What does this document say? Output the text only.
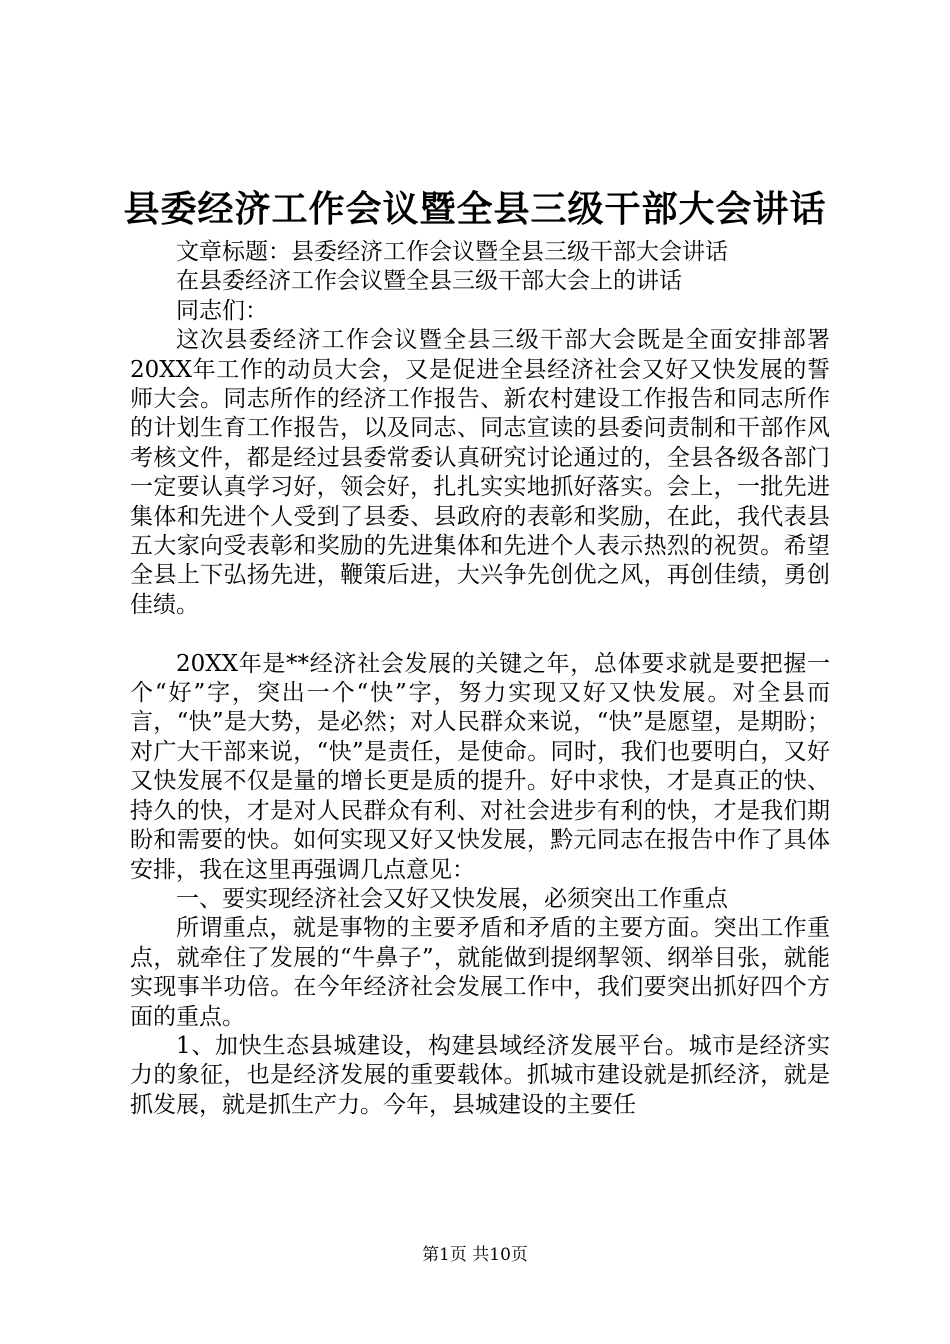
县委经济工作会议暨全县三级干部大会讲话

文章标题：县委经济工作会议暨全县三级干部大会讲话

在县委经济工作会议暨全县三级干部大会上的讲话

同志们：

这次县委经济工作会议暨全县三级干部大会既是全面安排部署20XX年工作的动员大会，又是促进全县经济社会又好又快发展的誓师大会。同志所作的经济工作报告、新农村建设工作报告和同志所作的计划生育工作报告，以及同志、同志宣读的县委问责制和干部作风考核文件，都是经过县委常委认真研究讨论通过的，全县各级各部门一定要认真学习好，领会好，扎扎实实地抓好落实。会上，一批先进集体和先进个人受到了县委、县政府的表彰和奖励，在此，我代表县五大家向受表彰和奖励的先进集体和先进个人表示热烈的祝贺。希望全县上下弘扬先进，鞭策后进，大兴争先创优之风，再创佳绩，勇创佳绩。

20XX年是**经济社会发展的关键之年，总体要求就是要把握一个“好”字，突出一个“快”字，努力实现又好又快发展。对全县而言，“快”是大势，是必然；对人民群众来说，“快”是愿望，是期盼；对广大干部来说，“快”是责任，是使命。同时，我们也要明白，又好又快发展不仅是量的增长更是质的提升。好中求快，才是真正的快、持久的快，才是对人民群众有利、对社会进步有利的快，才是我们期盼和需要的快。如何实现又好又快发展，黔元同志在报告中作了具体安排，我在这里再强调几点意见：

一、要实现经济社会又好又快发展，必须突出工作重点

所谓重点，就是事物的主要矛盾和矛盾的主要方面。突出工作重点，就牵住了发展的“牛鼻子”，就能做到提纲挈领、纲举目张，就能实现事半功倍。在今年经济社会发展工作中，我们要突出抓好四个方面的重点。

1、加快生态县城建设，构建县域经济发展平台。城市是经济实力的象征，也是经济发展的重要载体。抓城市建设就是抓经济，就是抓发展，就是抓生产力。今年，县城建设的主要任

第1页 共10页
